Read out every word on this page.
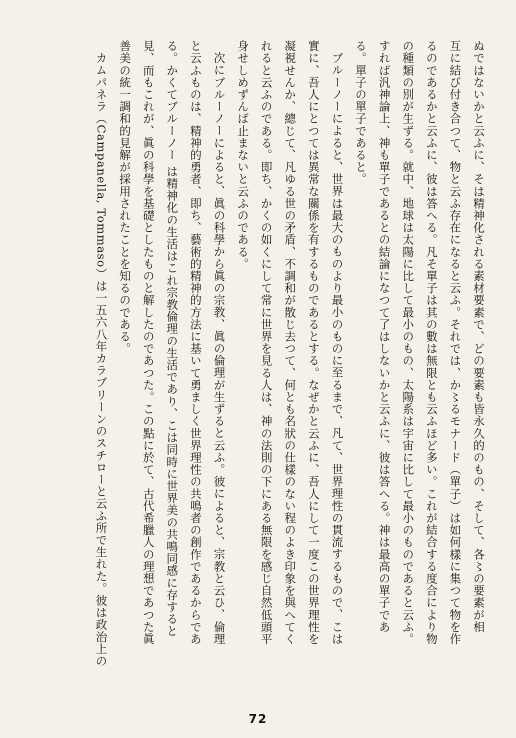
ぬではないかと云ふに、そは精神化される素材要素で、どの要素も皆永久的のもの、そして、各〻の要素が相
互に結び付き合つて、物と云ふ存在になると云ふ。それでは、か〻るモナード（單子）は如何樣に集つて物を作
るのであるかと云ふに、彼は答へる。凡そ單子は其の數は無限とも云ふほど多い。これが結合する度合により物
の種類の別が生ずる。就中、地球は太陽に比して最小のもの、太陽系は宇宙に比して最小のものであると云ふ。
すれば汎神論上、神も單子であるとの結論になつて了はしないかと云ふに、彼は答へる。神は最高の單子であ
る。單子の單子であると。
ブルーノーによると、世界は最大のものより最小のものに至るまで、凡て、世界理性の貫流するもので、こは
實に、吾人にとつては異常な關係を有するものであるとする。なぜかと云ふに、吾人にして一度この世界理性を
凝視せんか、總じて、凡ゆる世の矛盾、不調和が散じ去つて、何とも名狀の仕樣のない程のよき印象を與へてく
れると云ふのである。即ち、かくの如くにして常に世界を見る人は、神の法則の下にある無限を感じ自然低頭平
身せしめずんば止まないと云ふのである。
次にブルーノーによると、眞の科學から眞の宗教、眞の倫理が生ずると云ふ。彼によると、宗教と云ひ、倫理
と云ふものは、精神的勇者、即ち、藝術的精神的方法に基いて勇ましく世界理性の共鳴者の創作であるからであ
る。かくてブルーノー は精神化の生活はこれ宗教倫理の生活であり、こは同時に世界美の共鳴同感に存すると
見、而もこれが、眞の科學を基礎としたものと解したのであつた。この點に於て、古代希臘人の理想であつた眞
善美の統一調和的見解が採用されたことを知るのである。
カムパネラ（Campanella, Tommaso）は一五六八年カラブリーンのスチローと云ふ所で生れた。彼は政治上の
72
